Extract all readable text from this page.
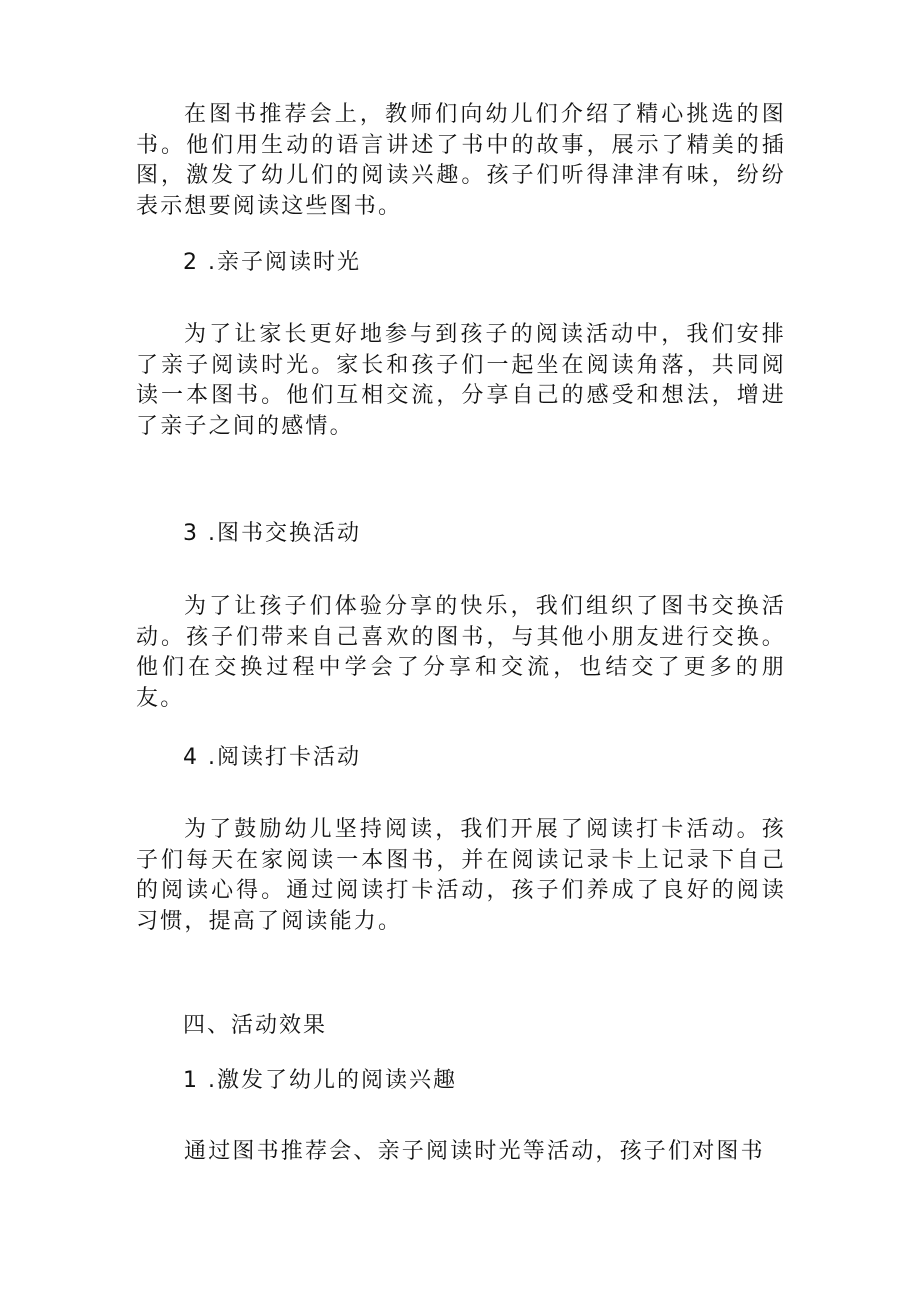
在图书推荐会上，教师们向幼儿们介绍了精心挑选的图书。他们用生动的语言讲述了书中的故事，展示了精美的插图，激发了幼儿们的阅读兴趣。孩子们听得津津有味，纷纷表示想要阅读这些图书。

2 .亲子阅读时光

为了让家长更好地参与到孩子的阅读活动中，我们安排了亲子阅读时光。家长和孩子们一起坐在阅读角落，共同阅读一本图书。他们互相交流，分享自己的感受和想法，增进了亲子之间的感情。

3 .图书交换活动

为了让孩子们体验分享的快乐，我们组织了图书交换活动。孩子们带来自己喜欢的图书，与其他小朋友进行交换。他们在交换过程中学会了分享和交流，也结交了更多的朋友。

4 .阅读打卡活动

为了鼓励幼儿坚持阅读，我们开展了阅读打卡活动。孩子们每天在家阅读一本图书，并在阅读记录卡上记录下自己的阅读心得。通过阅读打卡活动，孩子们养成了良好的阅读习惯，提高了阅读能力。

四、活动效果

1 .激发了幼儿的阅读兴趣

通过图书推荐会、亲子阅读时光等活动，孩子们对图书
